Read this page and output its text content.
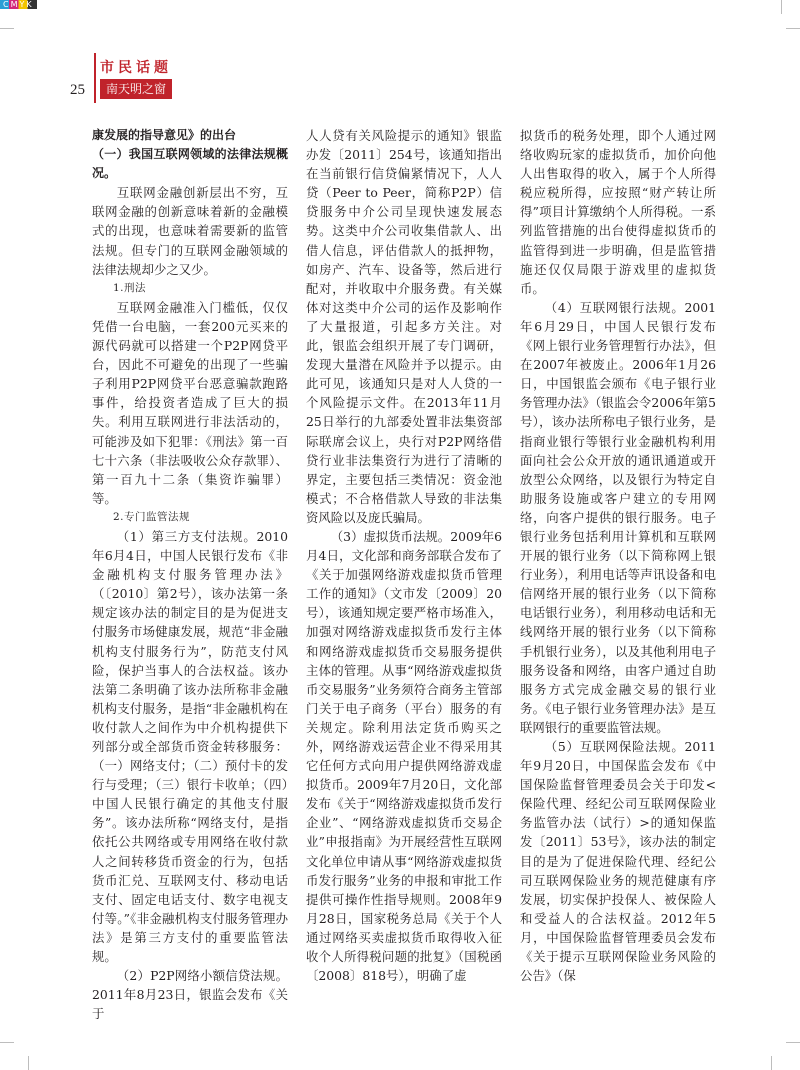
CMYK
市民话题
25	南天明之窗

康发展的指导意见》的出台

（一）我国互联网领域的法律法规概况。

互联网金融创新层出不穷，互联网金融的创新意味着新的金融模式的出现，也意味着需要新的监管法规。但专门的互联网金融领域的法律法规却少之又少。

1.刑法

互联网金融准入门槛低，仅仅凭借一台电脑，一套200元买来的源代码就可以搭建一个P2P网贷平台，因此不可避免的出现了一些骗子利用P2P网贷平台恶意骗款跑路事件，给投资者造成了巨大的损失。利用互联网进行非法活动的，可能涉及如下犯罪：《刑法》第一百七十六条（非法吸收公众存款罪）、第一百九十二条（集资诈骗罪）等。

2.专门监管法规

（1）第三方支付法规。2010年6月4日，中国人民银行发布《非金融机构支付服务管理办法》（〔2010〕第2号），该办法第一条规定该办法的制定目的是为促进支付服务市场健康发展，规范“非金融机构支付服务行为”，防范支付风险，保护当事人的合法权益。该办法第二条明确了该办法所称非金融机构支付服务，是指“非金融机构在收付款人之间作为中介机构提供下列部分或全部货币资金转移服务：（一）网络支付；（二）预付卡的发行与受理；（三）银行卡收单；（四）中国人民银行确定的其他支付服务”。该办法所称“网络支付，是指依托公共网络或专用网络在收付款人之间转移货币资金的行为，包括货币汇兑、互联网支付、移动电话支付、固定电话支付、数字电视支付等。”《非金融机构支付服务管理办法》是第三方支付的重要监管法规。

（2）P2P网络小额信贷法规。2011年8月23日，银监会发布《关于

人人贷有关风险提示的通知》银监办发〔2011〕254号，该通知指出在当前银行信贷偏紧情况下，人人贷（Peer to Peer，简称P2P）信贷服务中介公司呈现快速发展态势。这类中介公司收集借款人、出借人信息，评估借款人的抵押物，如房产、汽车、设备等，然后进行配对，并收取中介服务费。有关媒体对这类中介公司的运作及影响作了大量报道，引起多方关注。对此，银监会组织开展了专门调研，发现大量潜在风险并予以提示。由此可见，该通知只是对人人贷的一个风险提示文件。在2013年11月25日举行的九部委处置非法集资部际联席会议上，央行对P2P网络借贷行业非法集资行为进行了清晰的界定，主要包括三类情况：资金池模式；不合格借款人导致的非法集资风险以及庞氏骗局。

（3）虚拟货币法规。2009年6月4日，文化部和商务部联合发布了《关于加强网络游戏虚拟货币管理工作的通知》（文市发〔2009〕20号），该通知规定要严格市场准入，加强对网络游戏虚拟货币发行主体和网络游戏虚拟货币交易服务提供主体的管理。从事“网络游戏虚拟货币交易服务”业务须符合商务主管部门关于电子商务（平台）服务的有关规定。除利用法定货币购买之外，网络游戏运营企业不得采用其它任何方式向用户提供网络游戏虚拟货币。2009年7月20日，文化部发布《关于“网络游戏虚拟货币发行企业”、“网络游戏虚拟货币交易企业”申报指南》为开展经营性互联网文化单位申请从事“网络游戏虚拟货币发行服务”业务的申报和审批工作提供可操作性指导规则。2008年9月28日，国家税务总局《关于个人通过网络买卖虚拟货币取得收入征收个人所得税问题的批复》（国税函〔2008〕818号），明确了虚

拟货币的税务处理，即个人通过网络收购玩家的虚拟货币，加价向他人出售取得的收入，属于个人所得税应税所得，应按照“财产转让所得”项目计算缴纳个人所得税。一系列监管措施的出台使得虚拟货币的监管得到进一步明确，但是监管措施还仅仅局限于游戏里的虚拟货币。

（4）互联网银行法规。2001年6月29日，中国人民银行发布《网上银行业务管理暂行办法》，但在2007年被废止。2006年1月26日，中国银监会颁布《电子银行业务管理办法》（银监会令2006年第5号），该办法所称电子银行业务，是指商业银行等银行业金融机构利用面向社会公众开放的通讯通道或开放型公众网络，以及银行为特定自助服务设施或客户建立的专用网络，向客户提供的银行服务。电子银行业务包括利用计算机和互联网开展的银行业务（以下简称网上银行业务），利用电话等声讯设备和电信网络开展的银行业务（以下简称电话银行业务），利用移动电话和无线网络开展的银行业务（以下简称手机银行业务），以及其他利用电子服务设备和网络，由客户通过自助服务方式完成金融交易的银行业务。《电子银行业务管理办法》是互联网银行的重要监管法规。

（5）互联网保险法规。2011年9月20日，中国保监会发布《中国保险监督管理委员会关于印发<保险代理、经纪公司互联网保险业务监管办法（试行）>的通知保监发〔2011〕53号》，该办法的制定目的是为了促进保险代理、经纪公司互联网保险业务的规范健康有序发展，切实保护投保人、被保险人和受益人的合法权益。2012年5月，中国保险监督管理委员会发布《关于提示互联网保险业务风险的公告》（保
